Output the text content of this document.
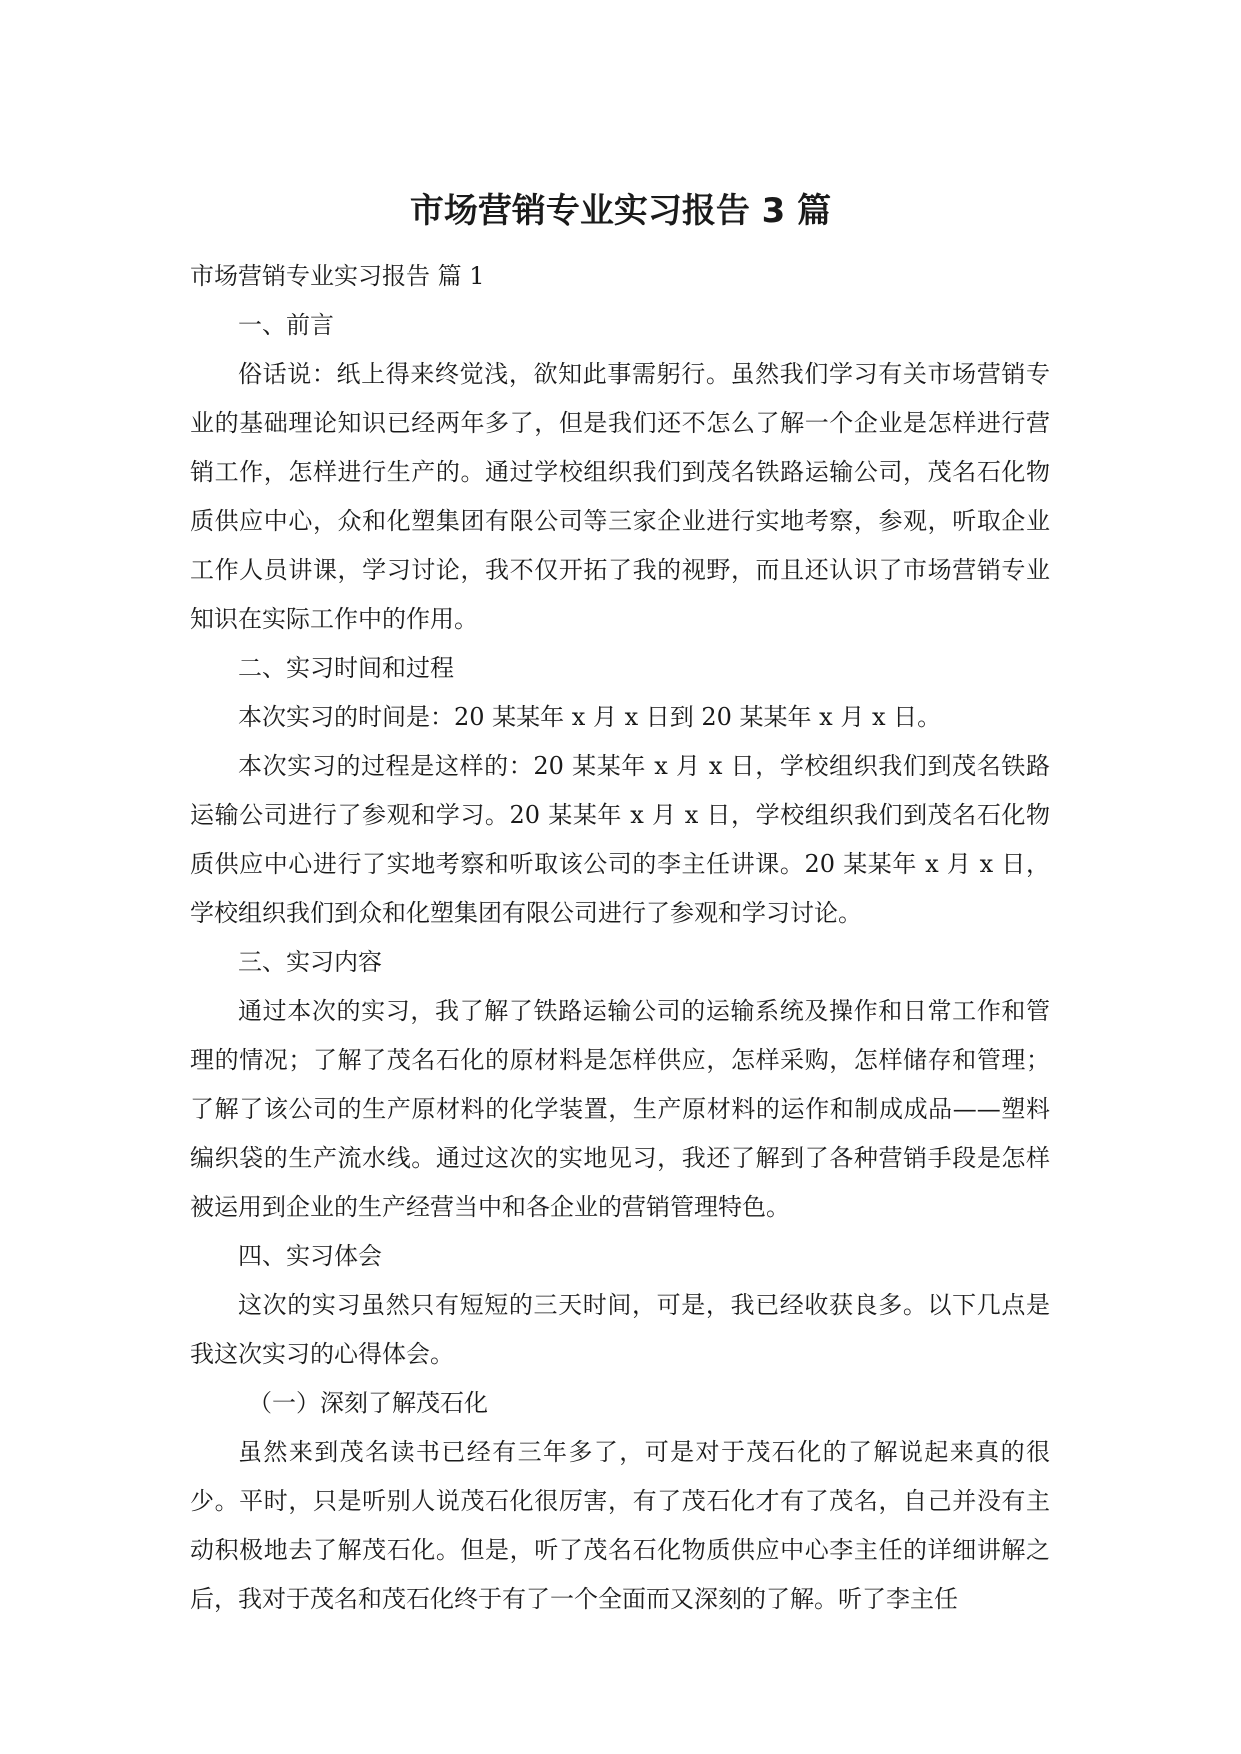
市场营销专业实习报告 3 篇

市场营销专业实习报告 篇 1

一、前言

俗话说：纸上得来终觉浅，欲知此事需躬行。虽然我们学习有关市场营销专业的基础理论知识已经两年多了，但是我们还不怎么了解一个企业是怎样进行营销工作，怎样进行生产的。通过学校组织我们到茂名铁路运输公司，茂名石化物质供应中心，众和化塑集团有限公司等三家企业进行实地考察，参观，听取企业工作人员讲课，学习讨论，我不仅开拓了我的视野，而且还认识了市场营销专业知识在实际工作中的作用。

二、实习时间和过程

本次实习的时间是：20 某某年 x 月 x 日到 20 某某年 x 月 x 日。

本次实习的过程是这样的：20 某某年 x 月 x 日，学校组织我们到茂名铁路运输公司进行了参观和学习。20 某某年 x 月 x 日，学校组织我们到茂名石化物质供应中心进行了实地考察和听取该公司的李主任讲课。20 某某年 x 月 x 日，学校组织我们到众和化塑集团有限公司进行了参观和学习讨论。

三、实习内容

通过本次的实习，我了解了铁路运输公司的运输系统及操作和日常工作和管理的情况；了解了茂名石化的原材料是怎样供应，怎样采购，怎样储存和管理；了解了该公司的生产原材料的化学装置，生产原材料的运作和制成成品——塑料编织袋的生产流水线。通过这次的实地见习，我还了解到了各种营销手段是怎样被运用到企业的生产经营当中和各企业的营销管理特色。

四、实习体会

这次的实习虽然只有短短的三天时间，可是，我已经收获良多。以下几点是我这次实习的心得体会。

（一）深刻了解茂石化

虽然来到茂名读书已经有三年多了，可是对于茂石化的了解说起来真的很少。平时，只是听别人说茂石化很厉害，有了茂石化才有了茂名，自己并没有主动积极地去了解茂石化。但是，听了茂名石化物质供应中心李主任的详细讲解之后，我对于茂名和茂石化终于有了一个全面而又深刻的了解。听了李主任
